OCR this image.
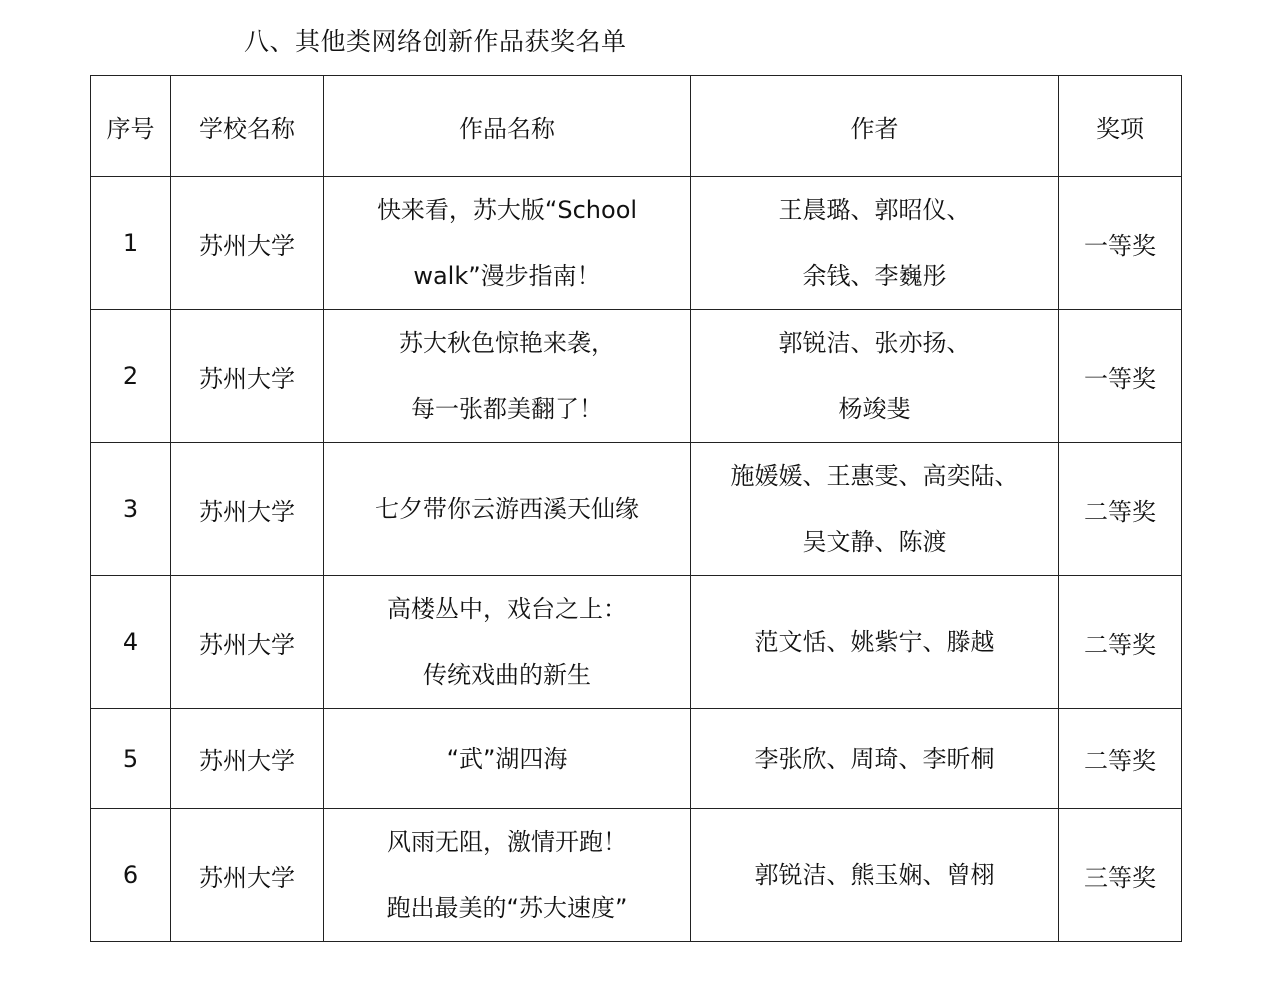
八、其他类网络创新作品获奖名单
序号	学校名称	作品名称	作者	奖项
1	苏州大学	快来看，苏大版“School
walk”漫步指南！	王晨璐、郭昭仪、
余钱、李巍彤	一等奖
2	苏州大学	苏大秋色惊艳来袭，
每一张都美翻了！	郭锐洁、张亦扬、
杨竣斐	一等奖
3	苏州大学	七夕带你云游西溪天仙缘	施媛媛、王惠雯、高奕陆、
吴文静、陈渡	二等奖
4	苏州大学	高楼丛中，戏台之上：
传统戏曲的新生	范文恬、姚紫宁、滕越	二等奖
5	苏州大学	“武”湖四海	李张欣、周琦、李昕桐	二等奖
6	苏州大学	风雨无阻，激情开跑！
跑出最美的“苏大速度”	郭锐洁、熊玉娴、曾栩	三等奖
